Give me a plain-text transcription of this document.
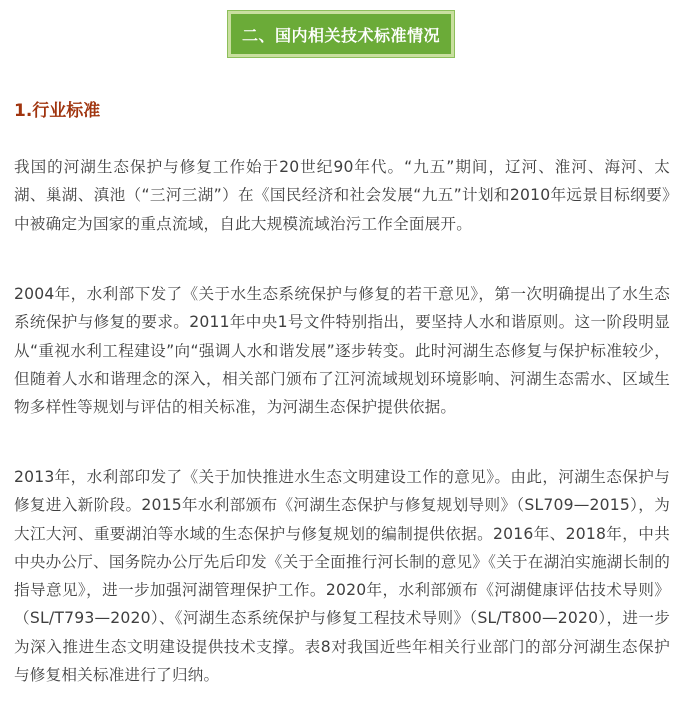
二、国内相关技术标准情况
1.行业标准

我国的河湖生态保护与修复工作始于20世纪90年代。“九五”期间，辽河、淮河、海河、太湖、巢湖、滇池（“三河三湖”）在《国民经济和社会发展“九五”计划和2010年远景目标纲要》中被确定为国家的重点流域，自此大规模流域治污工作全面展开。

2004年，水利部下发了《关于水生态系统保护与修复的若干意见》，第一次明确提出了水生态系统保护与修复的要求。2011年中央1号文件特别指出，要坚持人水和谐原则。这一阶段明显从“重视水利工程建设”向“强调人水和谐发展”逐步转变。此时河湖生态修复与保护标准较少，但随着人水和谐理念的深入，相关部门颁布了江河流域规划环境影响、河湖生态需水、区域生物多样性等规划与评估的相关标准，为河湖生态保护提供依据。

2013年，水利部印发了《关于加快推进水生态文明建设工作的意见》。由此，河湖生态保护与修复进入新阶段。2015年水利部颁布《河湖生态保护与修复规划导则》（SL709—2015），为大江大河、重要湖泊等水域的生态保护与修复规划的编制提供依据。2016年、2018年，中共中央办公厅、国务院办公厅先后印发《关于全面推行河长制的意见》《关于在湖泊实施湖长制的指导意见》，进一步加强河湖管理保护工作。2020年，水利部颁布《河湖健康评估技术导则》（SL/T793—2020）、《河湖生态系统保护与修复工程技术导则》（SL/T800—2020），进一步为深入推进生态文明建设提供技术支撑。表8对我国近些年相关行业部门的部分河湖生态保护与修复相关标准进行了归纳。
